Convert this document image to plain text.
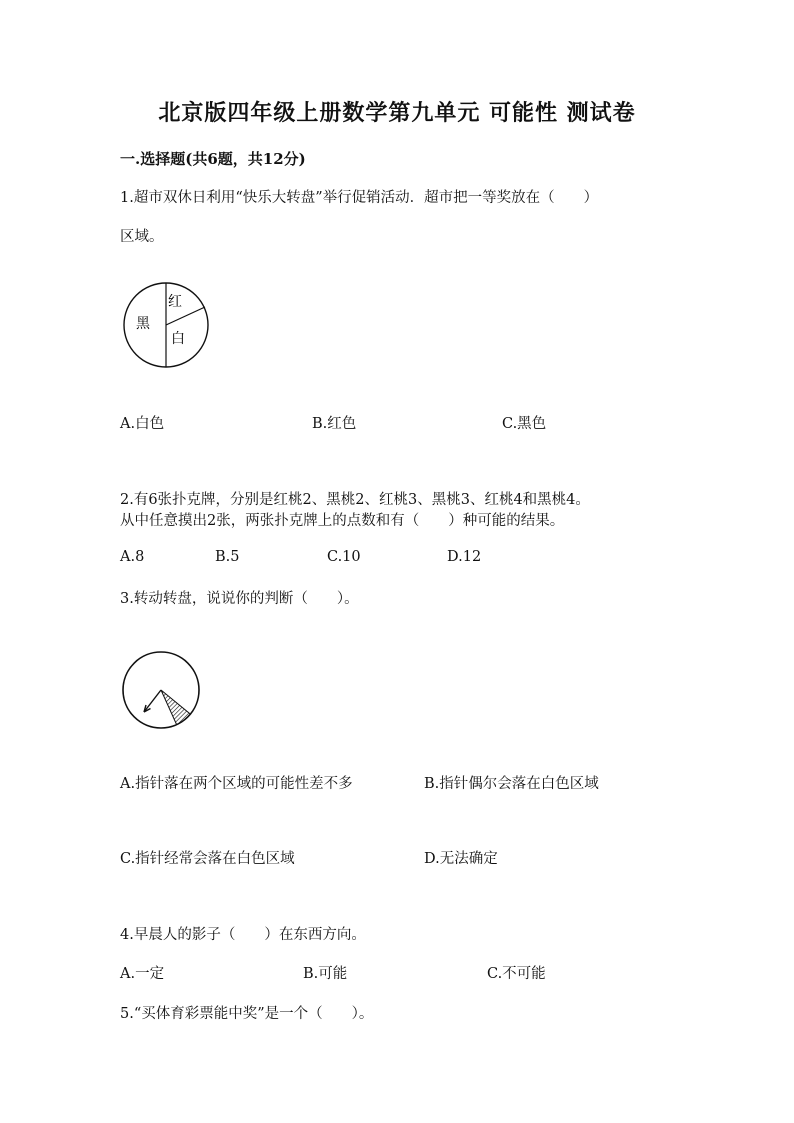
北京版四年级上册数学第九单元 可能性 测试卷
一.选择题(共6题，共12分)
1.超市双休日利用“快乐大转盘”举行促销活动．超市把一等奖放在（　　）
区域。
红
黑
白
A.白色	B.红色	C.黑色
2.有6张扑克牌，分别是红桃2、黑桃2、红桃3、黑桃3、红桃4和黑桃4。
从中任意摸出2张，两张扑克牌上的点数和有（　　）种可能的结果。
A.8	B.5	C.10	D.12
3.转动转盘，说说你的判断（　　）。
A.指针落在两个区域的可能性差不多	B.指针偶尔会落在白色区域
C.指针经常会落在白色区域	D.无法确定
4.早晨人的影子（　　）在东西方向。
A.一定	B.可能	C.不可能
5.“买体育彩票能中奖”是一个（　　）。
